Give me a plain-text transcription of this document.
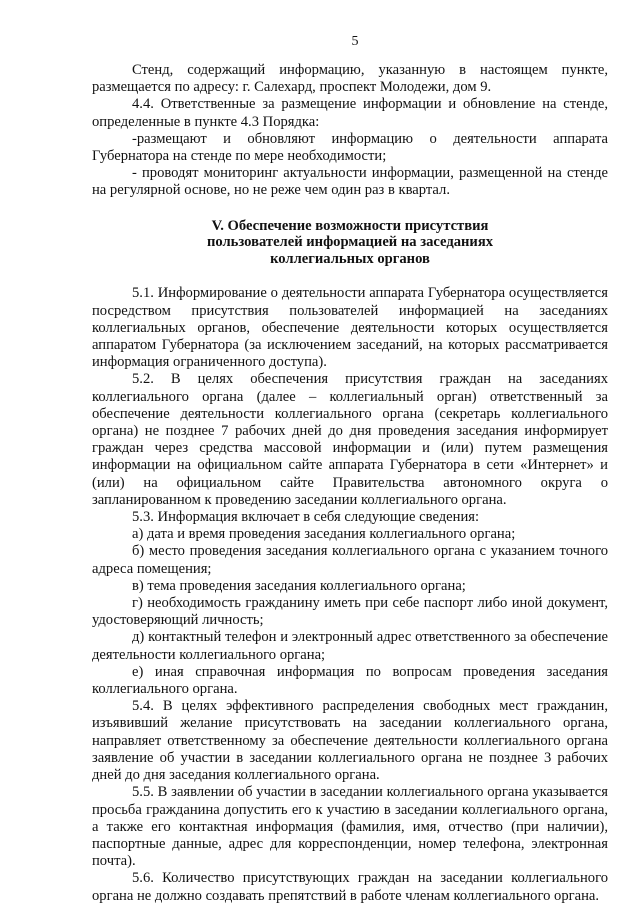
5

Стенд, содержащий информацию, указанную в настоящем пункте, размещается по адресу: г. Салехард, проспект Молодежи, дом 9.

4.4. Ответственные за размещение информации и обновление на стенде, определенные в пункте 4.3 Порядка:

-размещают и обновляют информацию о деятельности аппарата Губернатора на стенде по мере необходимости;

- проводят мониторинг актуальности информации, размещенной на стенде на регулярной основе, но не реже чем один раз в квартал.

V. Обеспечение возможности присутствия
пользователей информацией на заседаниях
коллегиальных органов

5.1. Информирование о деятельности аппарата Губернатора осуществляется посредством присутствия пользователей информацией на заседаниях коллегиальных органов, обеспечение деятельности которых осуществляется аппаратом Губернатора (за исключением заседаний, на которых рассматривается информация ограниченного доступа).

5.2. В целях обеспечения присутствия граждан на заседаниях коллегиального органа (далее – коллегиальный орган) ответственный за обеспечение деятельности коллегиального органа (секретарь коллегиального органа) не позднее 7 рабочих дней до дня проведения заседания информирует граждан через средства массовой информации и (или) путем размещения информации на официальном сайте аппарата Губернатора в сети «Интернет» и (или) на официальном сайте Правительства автономного округа о запланированном к проведению заседании коллегиального органа.

5.3. Информация включает в себя следующие сведения:

а) дата и время проведения заседания коллегиального органа;

б) место проведения заседания коллегиального органа с указанием точного адреса помещения;

в) тема проведения заседания коллегиального органа;

г) необходимость гражданину иметь при себе паспорт либо иной документ, удостоверяющий личность;

д) контактный телефон и электронный адрес ответственного за обеспечение деятельности коллегиального органа;

е) иная справочная информация по вопросам проведения заседания коллегиального органа.

5.4. В целях эффективного распределения свободных мест гражданин, изъявивший желание присутствовать на заседании коллегиального органа, направляет ответственному за обеспечение деятельности коллегиального органа заявление об участии в заседании коллегиального органа не позднее 3 рабочих дней до дня заседания коллегиального органа.

5.5. В заявлении об участии в заседании коллегиального органа указывается просьба гражданина допустить его к участию в заседании коллегиального органа, а также его контактная информация (фамилия, имя, отчество (при наличии), паспортные данные, адрес для корреспонденции, номер телефона, электронная почта).

5.6. Количество присутствующих граждан на заседании коллегиального органа не должно создавать препятствий в работе членам коллегиального органа.
